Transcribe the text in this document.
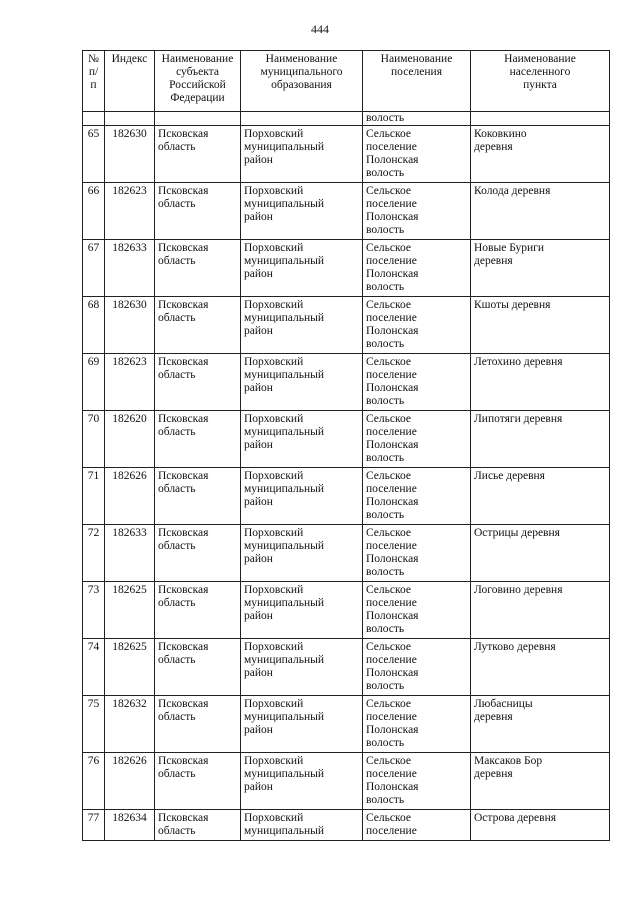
444
№
п/п	Индекс	Наименование
субъекта
Российской
Федерации	Наименование
муниципального
образования	Наименование
поселения	Наименование
населенного
пункта

				волость	

65	182630	Псковская
область	Порховский
муниципальный
район	Сельское
поселение
Полонская
волость	Коковкино
деревня

66	182623	Псковская
область	Порховский
муниципальный
район	Сельское
поселение
Полонская
волость	Колода деревня

67	182633	Псковская
область	Порховский
муниципальный
район	Сельское
поселение
Полонская
волость	Новые Буриги
деревня

68	182630	Псковская
область	Порховский
муниципальный
район	Сельское
поселение
Полонская
волость	Кшоты деревня

69	182623	Псковская
область	Порховский
муниципальный
район	Сельское
поселение
Полонская
волость	Летохино деревня

70	182620	Псковская
область	Порховский
муниципальный
район	Сельское
поселение
Полонская
волость	Липотяги деревня

71	182626	Псковская
область	Порховский
муниципальный
район	Сельское
поселение
Полонская
волость	Лисье деревня

72	182633	Псковская
область	Порховский
муниципальный
район	Сельское
поселение
Полонская
волость	Острицы деревня

73	182625	Псковская
область	Порховский
муниципальный
район	Сельское
поселение
Полонская
волость	Логовино деревня

74	182625	Псковская
область	Порховский
муниципальный
район	Сельское
поселение
Полонская
волость	Лутково деревня

75	182632	Псковская
область	Порховский
муниципальный
район	Сельское
поселение
Полонская
волость	Любасницы
деревня

76	182626	Псковская
область	Порховский
муниципальный
район	Сельское
поселение
Полонская
волость	Максаков Бор
деревня

77	182634	Псковская
область	Порховский
муниципальный	Сельское
поселение	Острова деревня
